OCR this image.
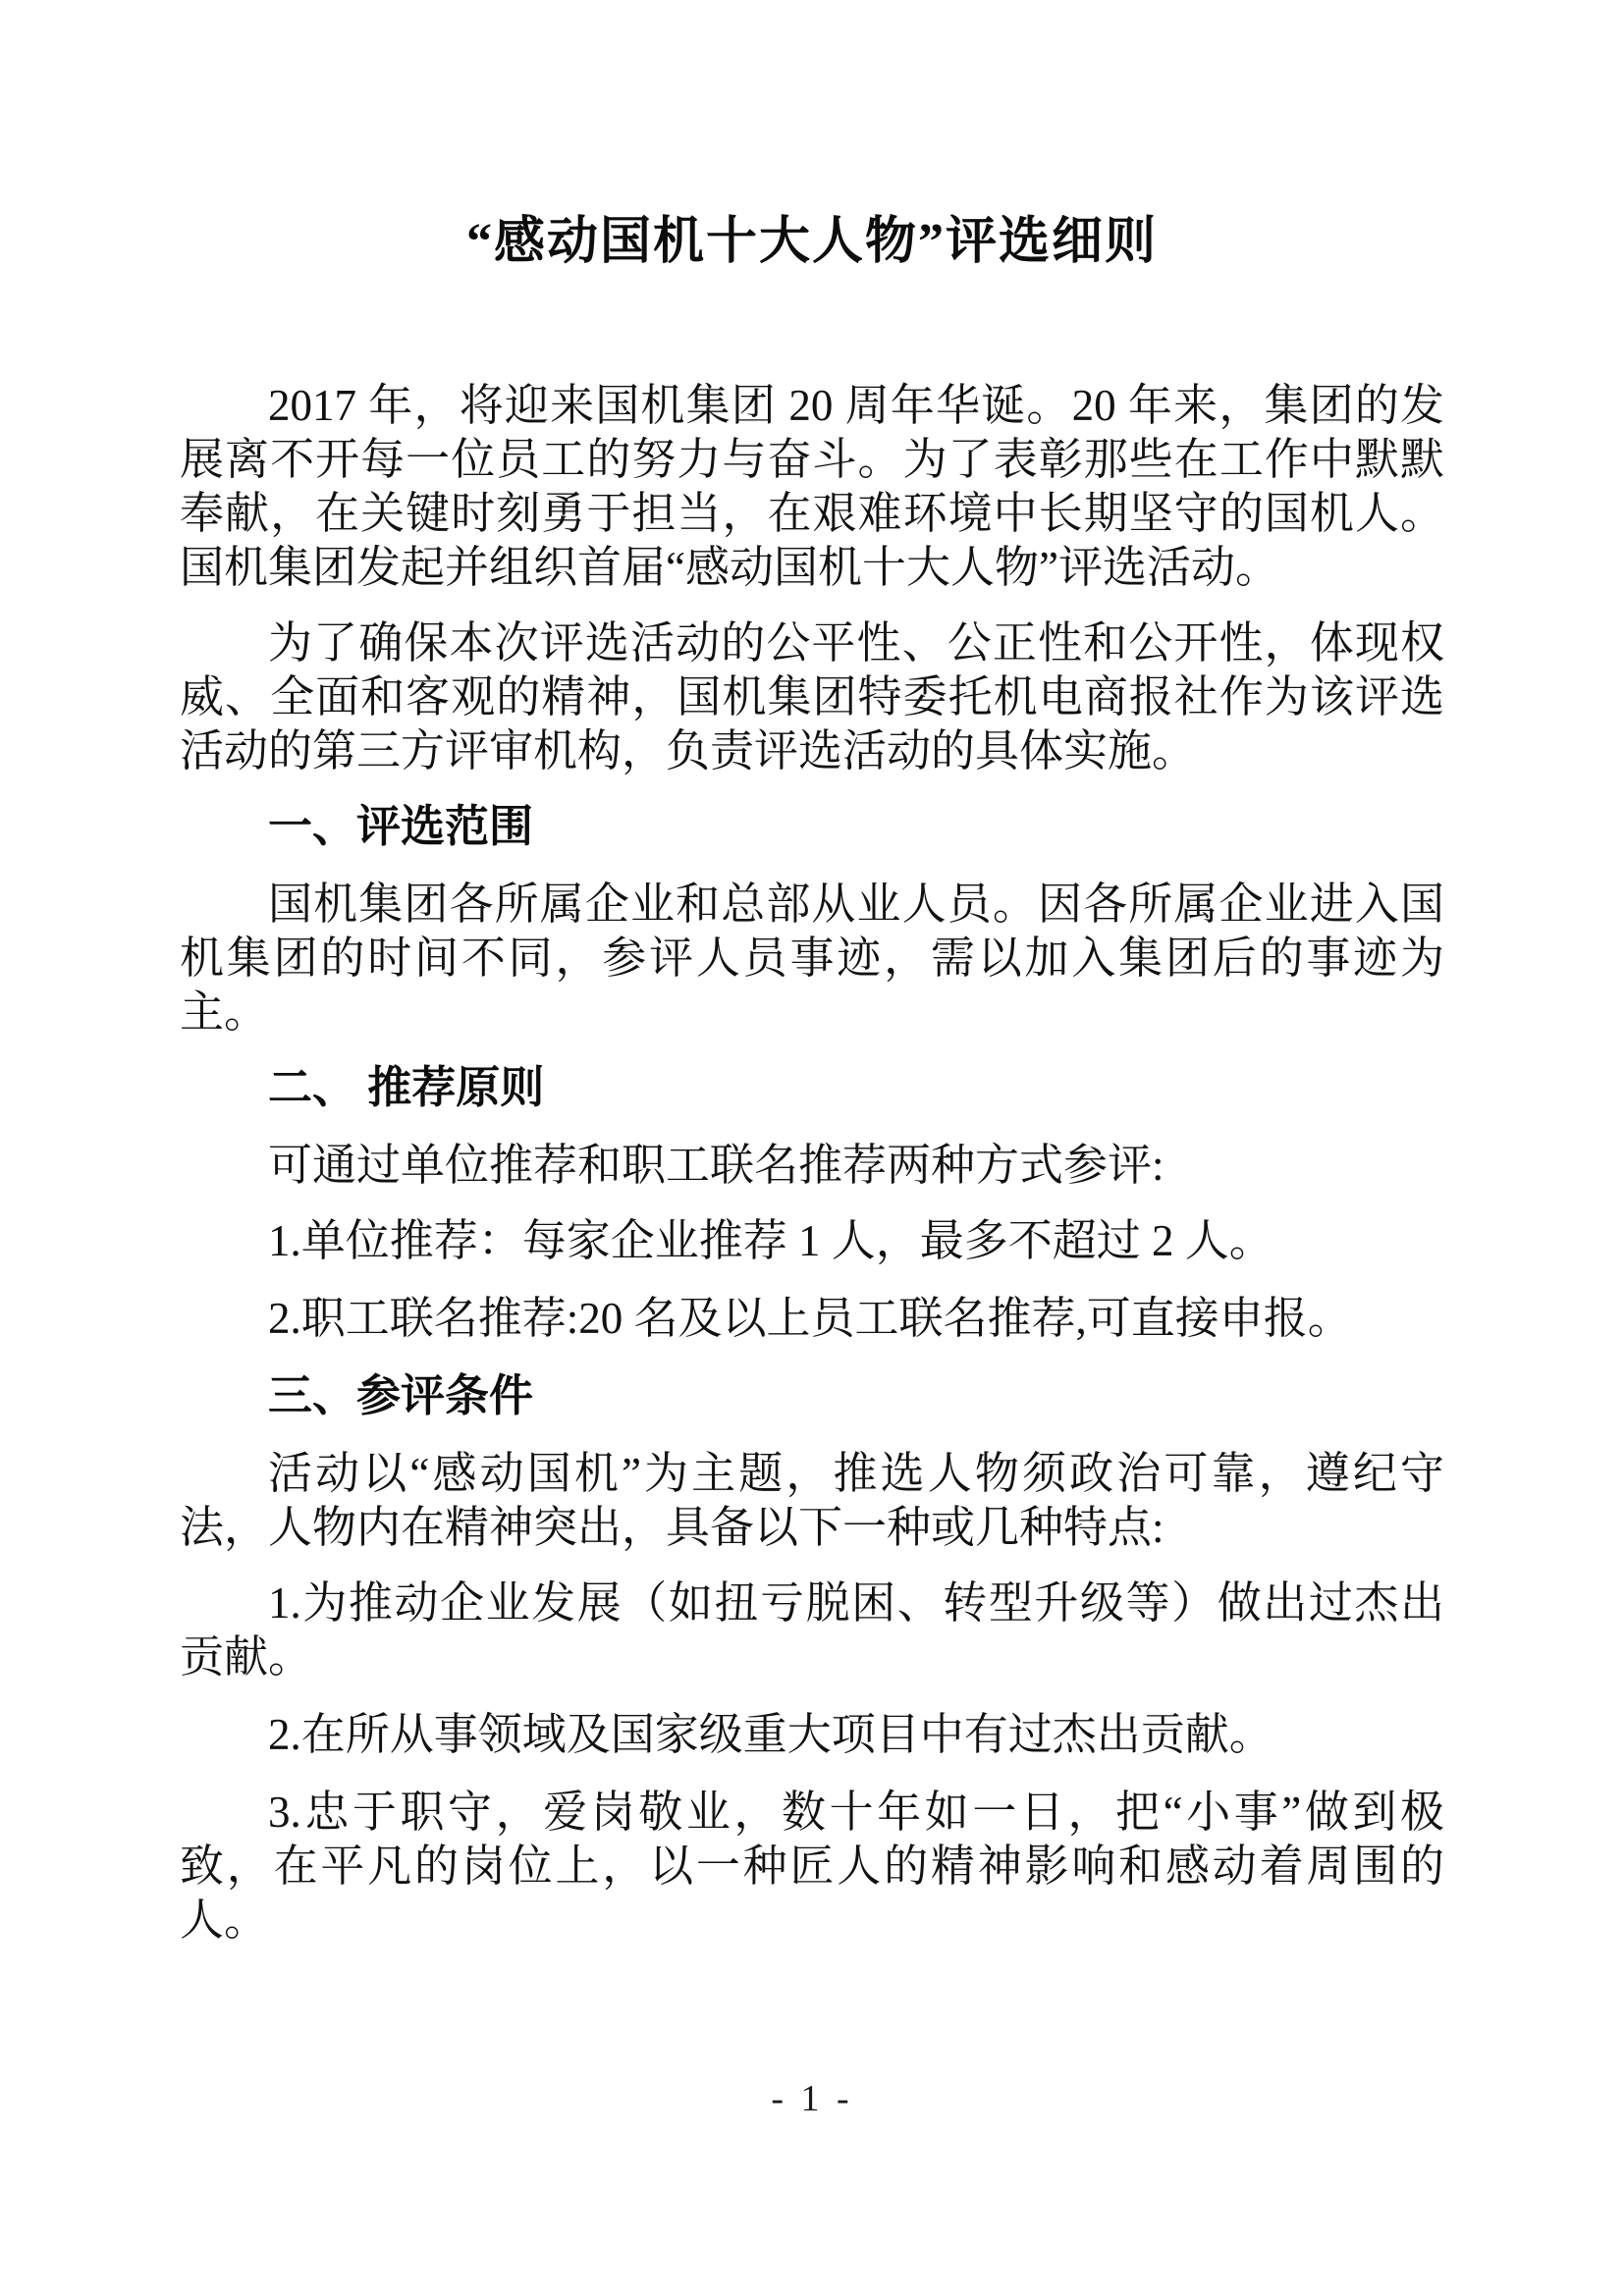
“感动国机十大人物”评选细则

2017 年，将迎来国机集团 20 周年华诞。20 年来，集团的发展离不开每一位员工的努力与奋斗。为了表彰那些在工作中默默奉献，在关键时刻勇于担当，在艰难环境中长期坚守的国机人。国机集团发起并组织首届“感动国机十大人物”评选活动。

为了确保本次评选活动的公平性、公正性和公开性，体现权威、全面和客观的精神，国机集团特委托机电商报社作为该评选活动的第三方评审机构，负责评选活动的具体实施。

一、评选范围

国机集团各所属企业和总部从业人员。因各所属企业进入国机集团的时间不同，参评人员事迹，需以加入集团后的事迹为主。

二、 推荐原则

可通过单位推荐和职工联名推荐两种方式参评:

1.单位推荐：每家企业推荐 1 人，最多不超过 2 人。

2.职工联名推荐:20 名及以上员工联名推荐,可直接申报。

三、参评条件

活动以“感动国机”为主题，推选人物须政治可靠，遵纪守法，人物内在精神突出，具备以下一种或几种特点:

1.为推动企业发展（如扭亏脱困、转型升级等）做出过杰出贡献。

2.在所从事领域及国家级重大项目中有过杰出贡献。

3.忠于职守，爱岗敬业，数十年如一日，把“小事”做到极致，在平凡的岗位上，以一种匠人的精神影响和感动着周围的人。

- 1 -
